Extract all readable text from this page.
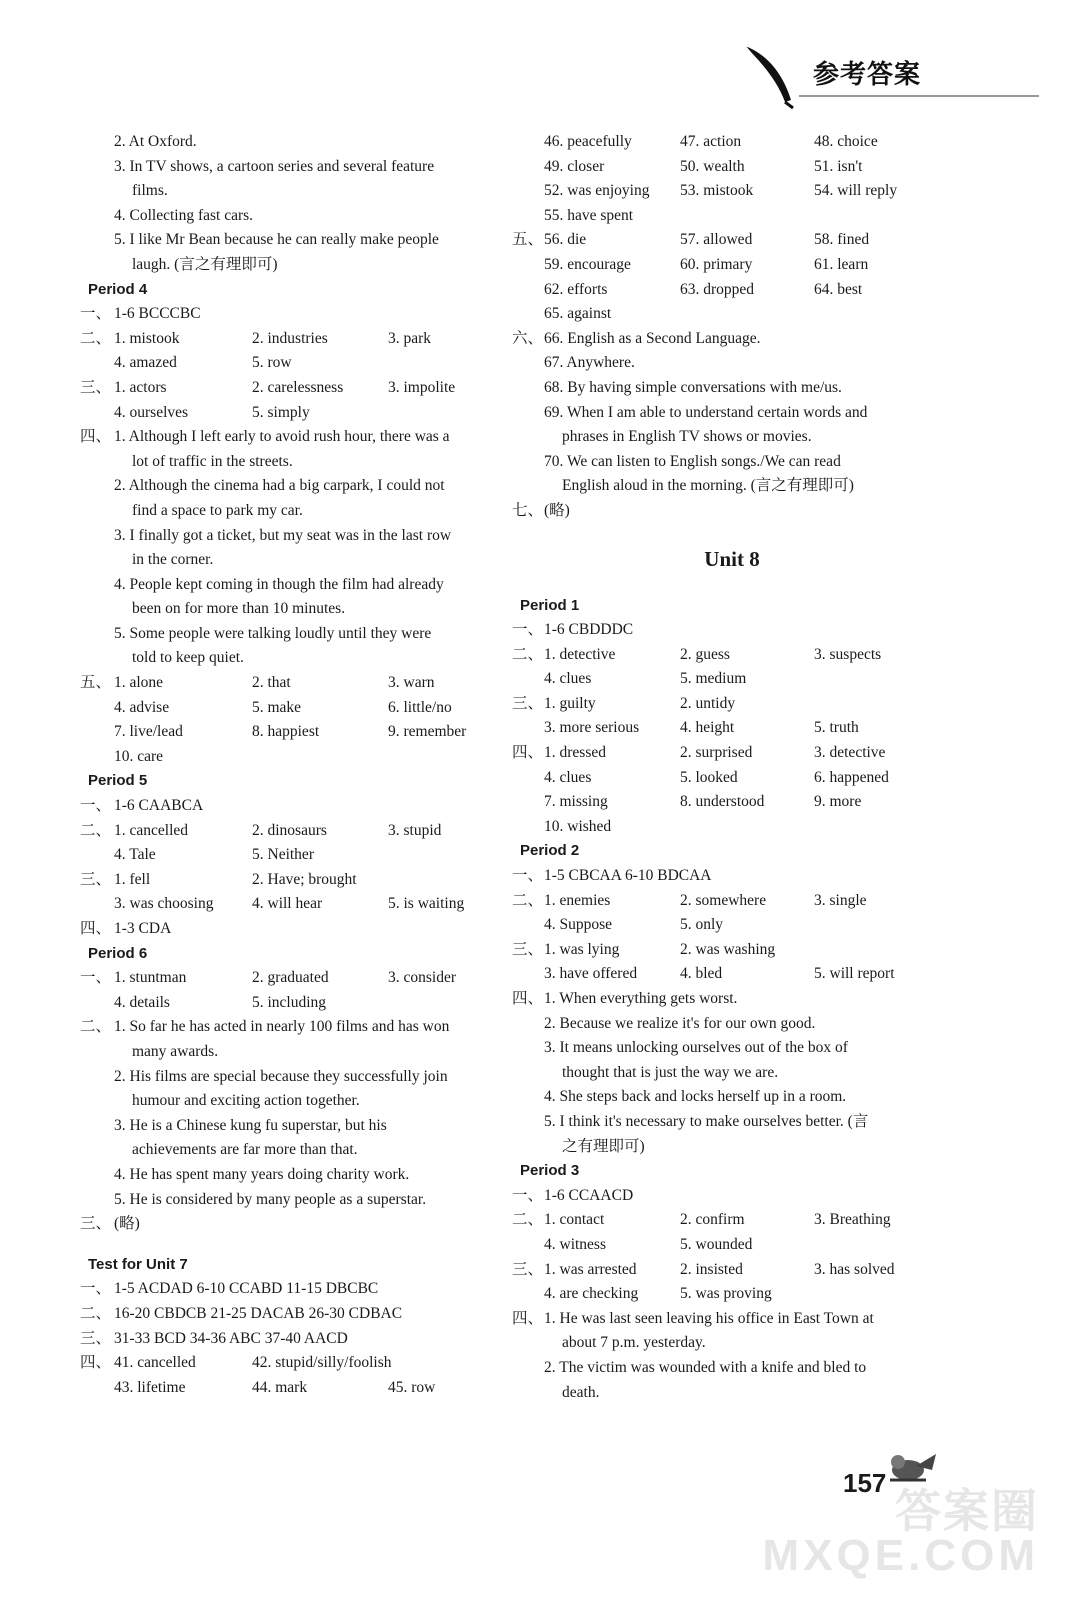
参考答案
2. At Oxford.
3. In TV shows, a cartoon series and several feature
films.
4. Collecting fast cars.
5. I like Mr Bean because he can really make people
laugh. (言之有理即可)
Period 4
一、 1-6 BCCCBC
二、 1. mistook	2. industries	3. park
4. amazed	5. row
三、 1. actors	2. carelessness	3. impolite
4. ourselves	5. simply
四、 1. Although I left early to avoid rush hour, there was a
lot of traffic in the streets.
2. Although the cinema had a big carpark, I could not
find a space to park my car.
3. I finally got a ticket, but my seat was in the last row
in the corner.
4. People kept coming in though the film had already
been on for more than 10 minutes.
5. Some people were talking loudly until they were
told to keep quiet.
五、 1. alone	2. that	3. warn
4. advise	5. make	6. little/no
7. live/lead	8. happiest	9. remember
10. care
Period 5
一、 1-6 CAABCA
二、 1. cancelled	2. dinosaurs	3. stupid
4. Tale	5. Neither
三、 1. fell	2. Have; brought
3. was choosing 4. will hear	5. is waiting
四、 1-3 CDA
Period 6
一、 1. stuntman	2. graduated	3. consider
4. details	5. including
二、 1. So far he has acted in nearly 100 films and has won
many awards.
2. His films are special because they successfully join
humour and exciting action together.
3. He is a Chinese kung fu superstar, but his
achievements are far more than that.
4. He has spent many years doing charity work.
5. He is considered by many people as a superstar.
三、 (略)
Test for Unit 7
一、 1-5 ACDAD 6-10 CCABD 11-15 DBCBC
二、 16-20 CBDCB 21-25 DACAB 26-30 CDBAC
三、 31-33 BCD 34-36 ABC 37-40 AACD
四、 41. cancelled	42. stupid/silly/foolish
43. lifetime	44. mark	45. row
46. peacefully	47. action	48. choice
49. closer	50. wealth	51. isn't
52. was enjoying 53. mistook	54. will reply
55. have spent
五、 56. die	57. allowed	58. fined
59. encourage	60. primary	61. learn
62. efforts	63. dropped	64. best
65. against
六、 66. English as a Second Language.
67. Anywhere.
68. By having simple conversations with me/us.
69. When I am able to understand certain words and
phrases in English TV shows or movies.
70. We can listen to English songs./We can read
English aloud in the morning. (言之有理即可)
七、 (略)
Unit 8
Period 1
一、 1-6 CBDDDC
二、 1. detective	2. guess	3. suspects
4. clues	5. medium
三、 1. guilty	2. untidy
3. more serious	4. height	5. truth
四、 1. dressed	2. surprised	3. detective
4. clues	5. looked	6. happened
7. missing	8. understood	9. more
10. wished
Period 2
一、 1-5 CBCAA 6-10 BDCAA
二、 1. enemies	2. somewhere	3. single
4. Suppose	5. only
三、 1. was lying	2. was washing
3. have offered	4. bled	5. will report
四、 1. When everything gets worst.
2. Because we realize it's for our own good.
3. It means unlocking ourselves out of the box of
thought that is just the way we are.
4. She steps back and locks herself up in a room.
5. I think it's necessary to make ourselves better. (言
之有理即可)
Period 3
一、 1-6 CCAACD
二、 1. contact	2. confirm	3. Breathing
4. witness	5. wounded
三、 1. was arrested	2. insisted	3. has solved
4. are checking	5. was proving
四、 1. He was last seen leaving his office in East Town at
about 7 p.m. yesterday.
2. The victim was wounded with a knife and bled to
death.
157
答案圈
MXQE.COM
